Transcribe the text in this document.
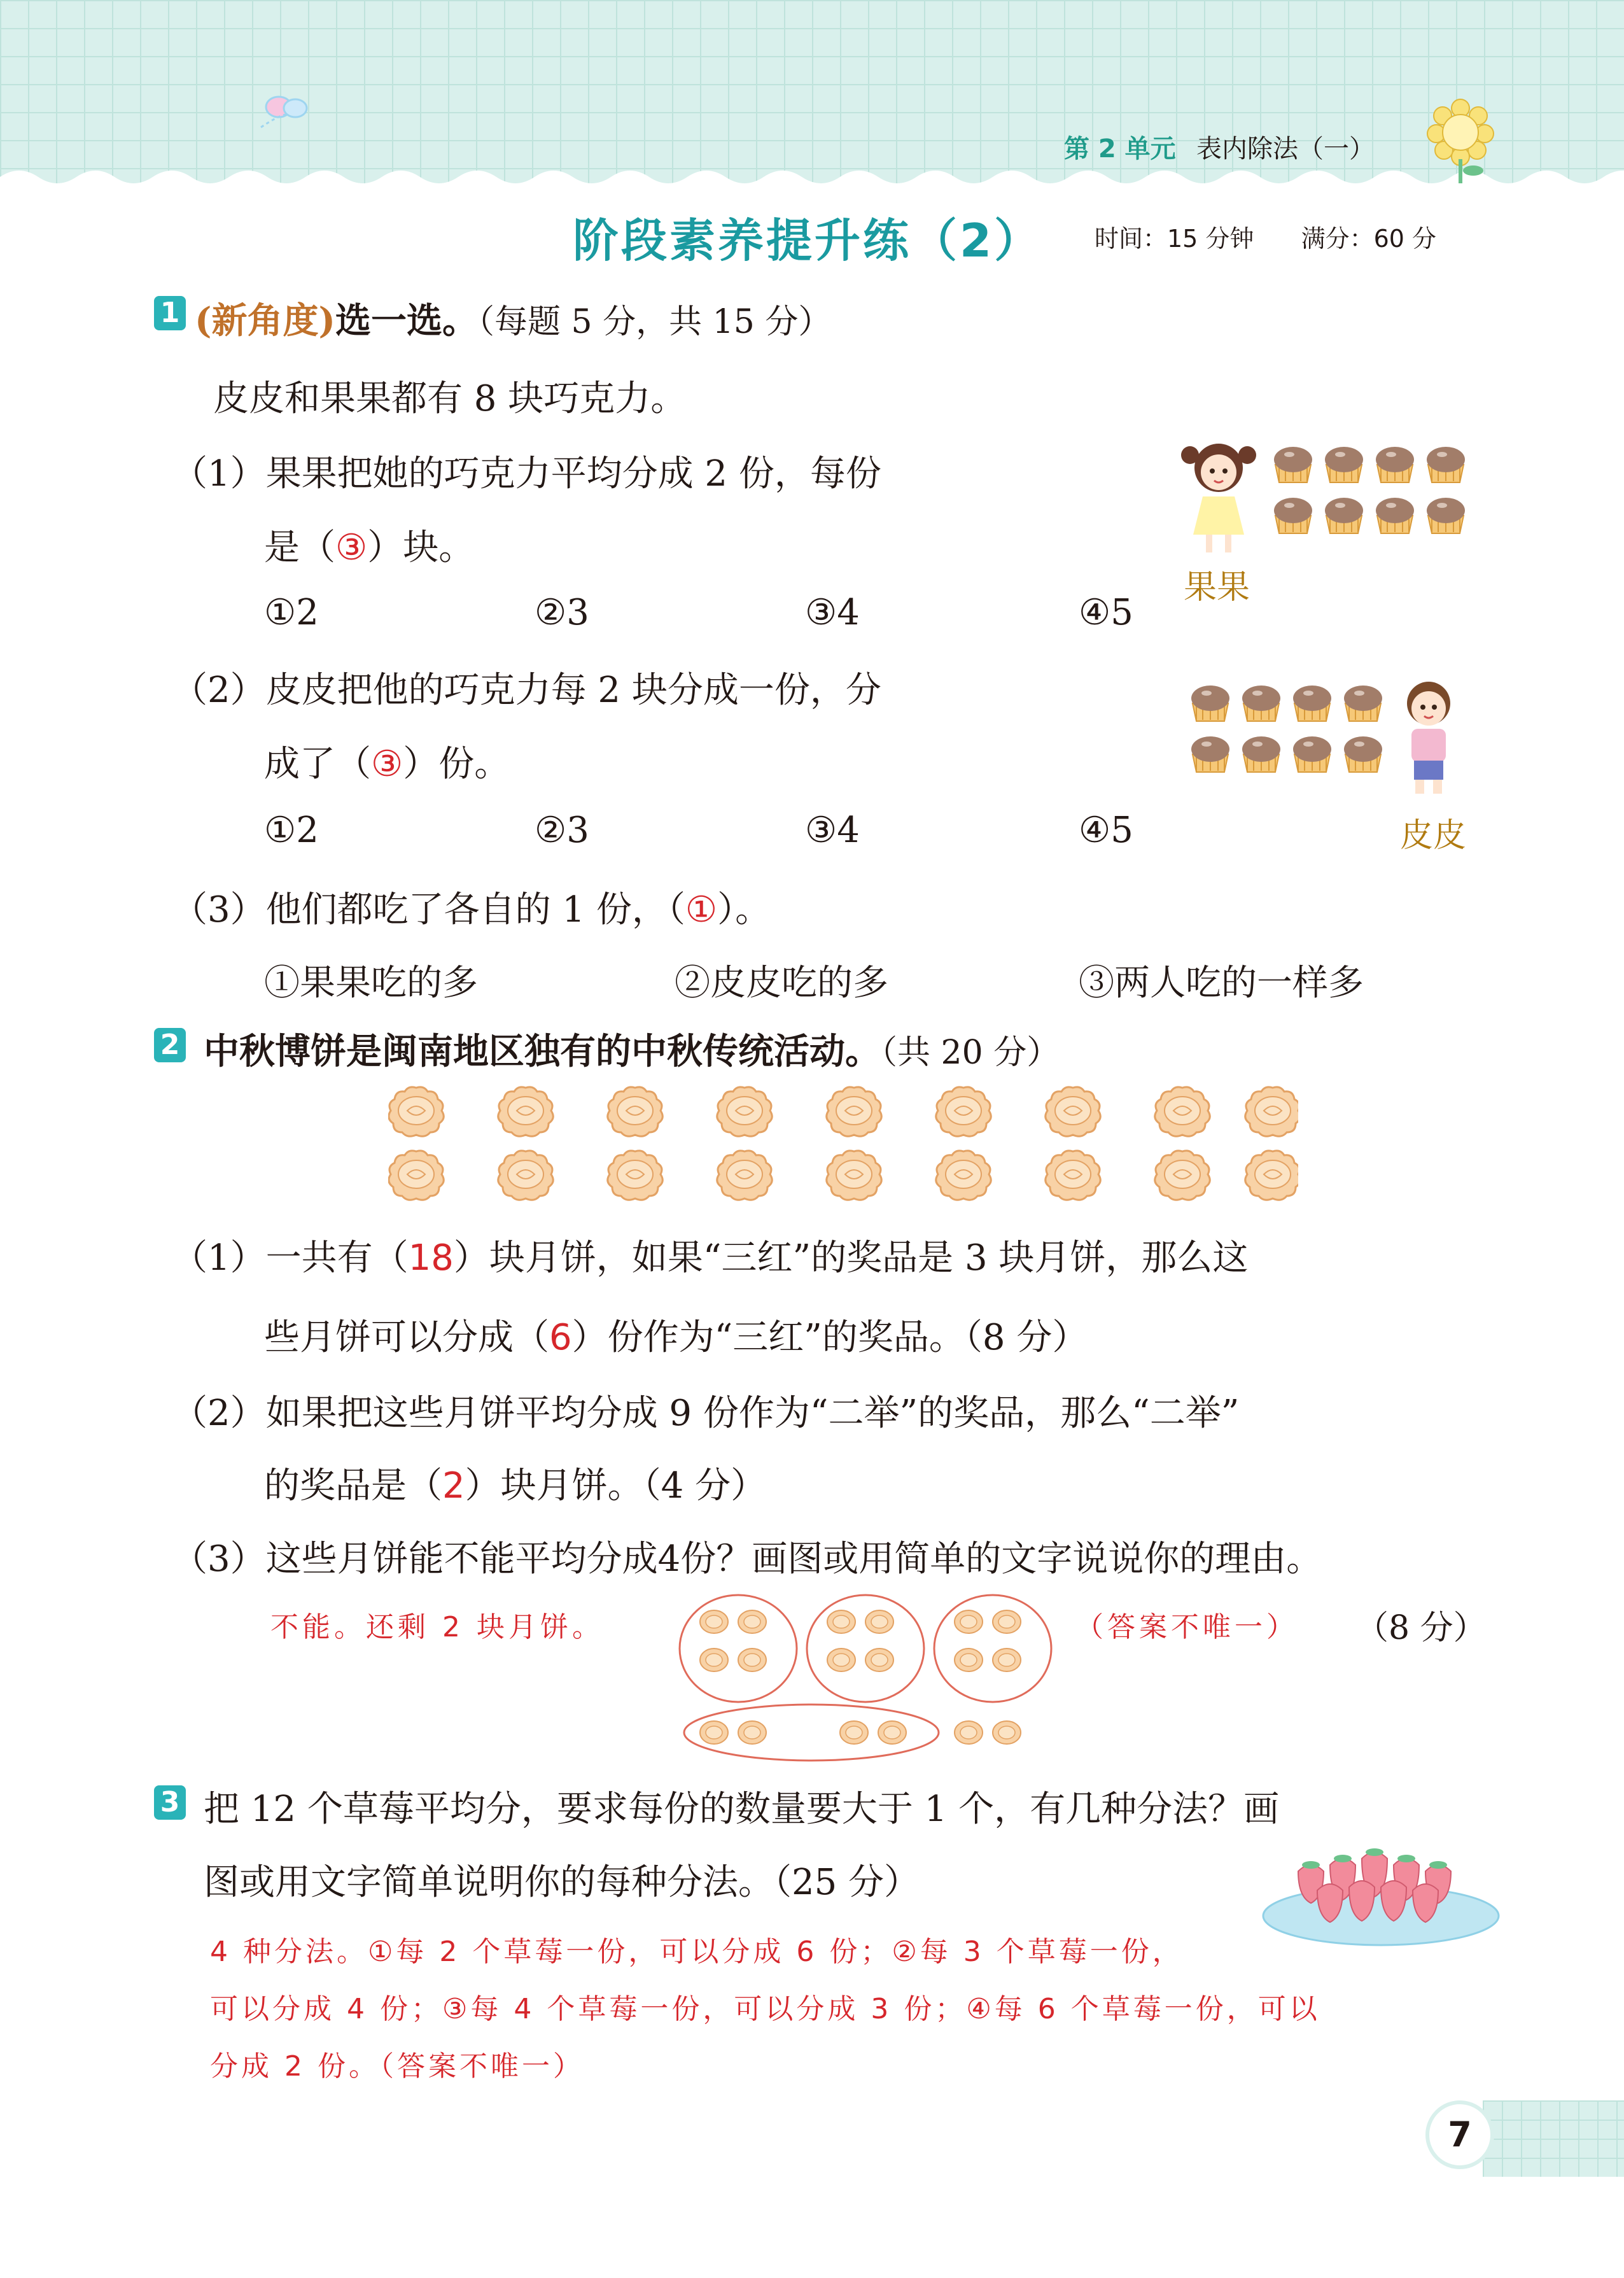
第 2 单元 表内除法（一）
阶段素养提升练（2） 时间：15 分钟 满分：60 分
1 (新角度)选一选。（每题 5 分，共 15 分）
皮皮和果果都有 8 块巧克力。
（1）果果把她的巧克力平均分成 2 份，每份
是（③）块。
①2	②3	③4	④5
果果
（2）皮皮把他的巧克力每 2 块分成一份，分
成了（③）份。
①2	②3	③4	④5	皮皮
（3）他们都吃了各自的 1 份，（①）。
①果果吃的多	②皮皮吃的多	③两人吃的一样多
2 中秋博饼是闽南地区独有的中秋传统活动。（共 20 分）
（1）一共有（18）块月饼，如果“三红”的奖品是 3 块月饼，那么这
些月饼可以分成（6）份作为“三红”的奖品。（8 分）
（2）如果把这些月饼平均分成 9 份作为“二举”的奖品，那么“二举”
的奖品是（2）块月饼。（4 分）
（3）这些月饼能不能平均分成4份？画图或用简单的文字说说你的理由。
不能。还剩 2 块月饼。	（答案不唯一） （8 分）
3 把 12 个草莓平均分，要求每份的数量要大于 1 个，有几种分法？画
图或用文字简单说明你的每种分法。（25 分）
4 种分法。①每 2 个草莓一份，可以分成 6 份；②每 3 个草莓一份，
可以分成 4 份；③每 4 个草莓一份，可以分成 3 份；④每 6 个草莓一份，可以
分成 2 份。（答案不唯一）
7
